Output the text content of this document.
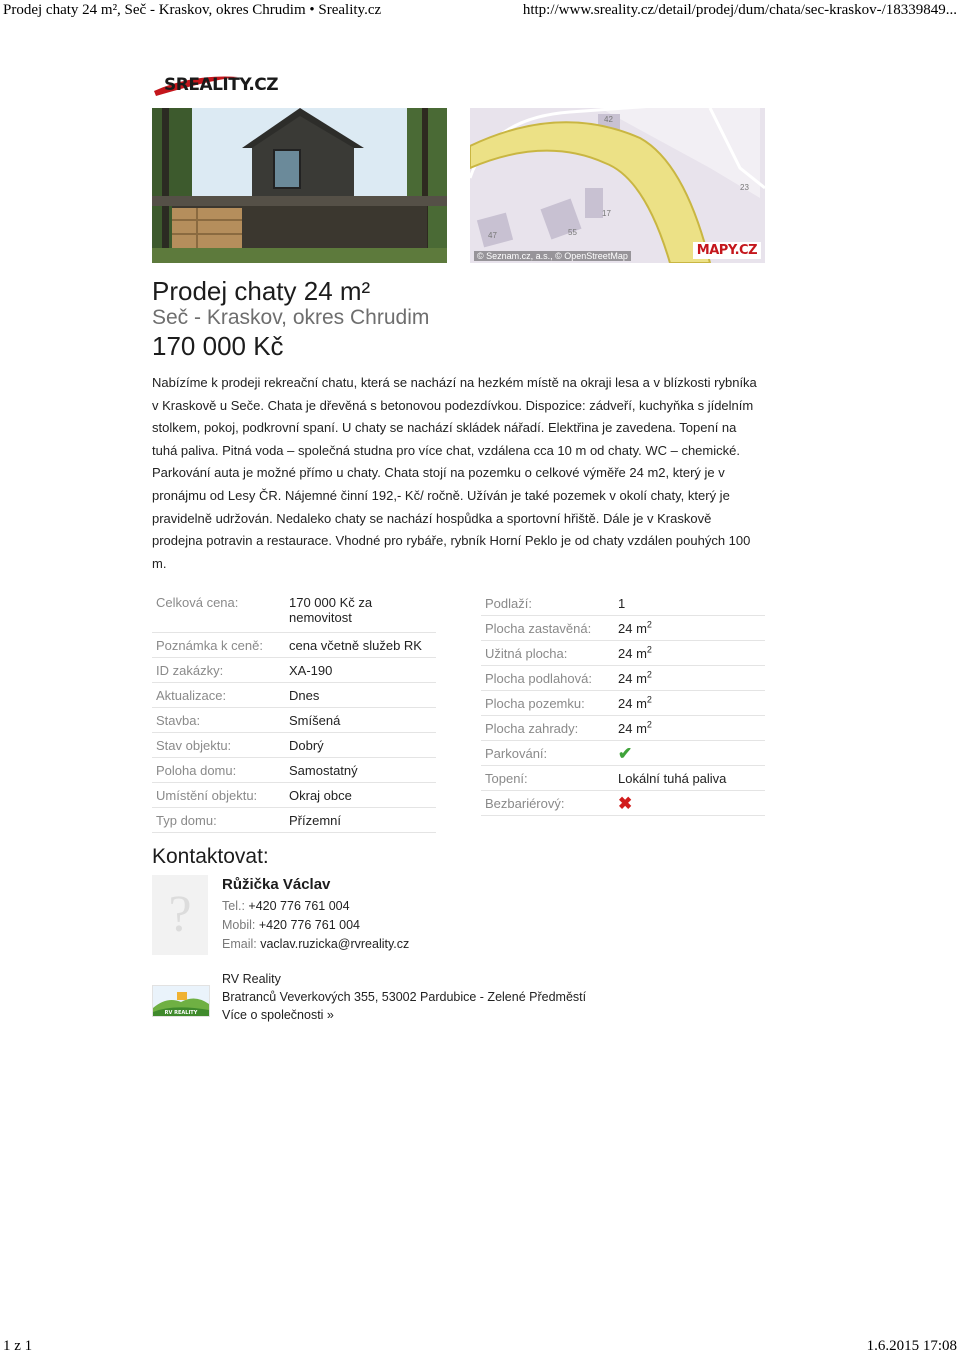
Prodej chaty 24 m², Seč - Kraskov, okres Chrudim • Sreality.cz	http://www.sreality.cz/detail/prodej/dum/chata/sec-kraskov-/18339849...
SREALITY.CZ
42
23
17
47	55
© Seznam.cz, a.s., © OpenStreetMap	MAPY.CZ
Prodej chaty 24 m²
Seč - Kraskov, okres Chrudim
170 000 Kč

Nabízíme k prodeji rekreační chatu, která se nachází na hezkém místě na okraji lesa a v blízkosti rybníka v Kraskově u Seče. Chata je dřevěná s betonovou podezdívkou. Dispozice: zádveří, kuchyňka s jídelním stolkem, pokoj, podkrovní spaní. U chaty se nachází skládek nářadí. Elektřina je zavedena. Topení na tuhá paliva. Pitná voda – společná studna pro více chat, vzdálena cca 10 m od chaty. WC – chemické. Parkování auta je možné přímo u chaty. Chata stojí na pozemku o celkové výměře 24 m2, který je v pronájmu od Lesy ČR. Nájemné činní 192,- Kč/ ročně. Užíván je také pozemek v okolí chaty, který je pravidelně udržován. Nedaleko chaty se nachází hospůdka a sportovní hřiště. Dále je v Kraskově prodejna potravin a restaurace. Vhodné pro rybáře, rybník Horní Peklo je od chaty vzdálen pouhých 100 m.

Celková cena:	170 000 Kč za nemovitost
Poznámka k ceně:	cena včetně služeb RK
ID zakázky:	XA-190
Aktualizace:	Dnes
Stavba:	Smíšená
Stav objektu:	Dobrý
Poloha domu:	Samostatný
Umístění objektu:	Okraj obce
Typ domu:	Přízemní
Podlaží:	1
Plocha zastavěná:	24 $m^2$
Užitná plocha:	24 $m^2$
Plocha podlahová:	24 $m^2$
Plocha pozemku:	24 $m^2$
Plocha zahrady:	24 $m^2$
Parkování:	✔
Topení:	Lokální tuhá paliva
Bezbariérový:	✖
Kontaktovat:
?
Růžička Václav
Tel.: +420 776 761 004
Mobil: +420 776 761 004
Email: vaclav.ruzicka@rvreality.cz
RV REALITY
RV Reality
Bratranců Veverkových 355, 53002 Pardubice - Zelené Předměstí
Více o společnosti »
1 z 1	1.6.2015 17:08
